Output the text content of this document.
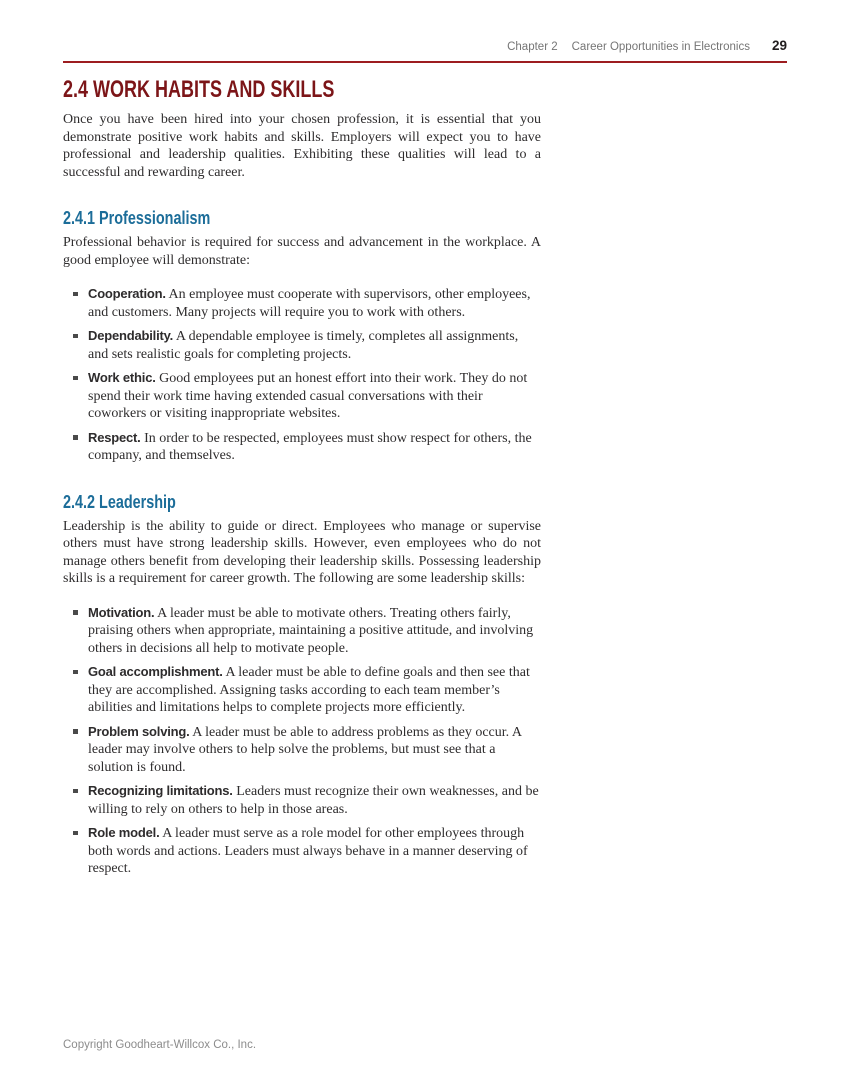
Chapter 2 Career Opportunities in Electronics 29
2.4 WORK HABITS AND SKILLS

Once you have been hired into your chosen profession, it is essential that you demonstrate positive work habits and skills. Employers will expect you to have professional and leadership qualities. Exhibiting these qualities will lead to a successful and rewarding career.

2.4.1 Professionalism

Professional behavior is required for success and advancement in the workplace. A good employee will demonstrate:

Cooperation. An employee must cooperate with supervisors, other employees, and customers. Many projects will require you to work with others.
Dependability. A dependable employee is timely, completes all assignments, and sets realistic goals for completing projects.
Work ethic. Good employees put an honest effort into their work. They do not spend their work time having extended casual conversations with their coworkers or visiting inappropriate websites.
Respect. In order to be respected, employees must show respect for others, the company, and themselves.
2.4.2 Leadership

Leadership is the ability to guide or direct. Employees who manage or supervise others must have strong leadership skills. However, even employees who do not manage others benefit from developing their leadership skills. Possessing leadership skills is a requirement for career growth. The following are some leadership skills:

Motivation. A leader must be able to motivate others. Treating others fairly, praising others when appropriate, maintaining a positive attitude, and involving others in decisions all help to motivate people.
Goal accomplishment. A leader must be able to define goals and then see that they are accomplished. Assigning tasks according to each team member’s abilities and limitations helps to complete projects more efficiently.
Problem solving. A leader must be able to address problems as they occur. A leader may involve others to help solve the problems, but must see that a solution is found.
Recognizing limitations. Leaders must recognize their own weaknesses, and be willing to rely on others to help in those areas.
Role model. A leader must serve as a role model for other employees through both words and actions. Leaders must always behave in a manner deserving of respect.
Copyright Goodheart-Willcox Co., Inc.
